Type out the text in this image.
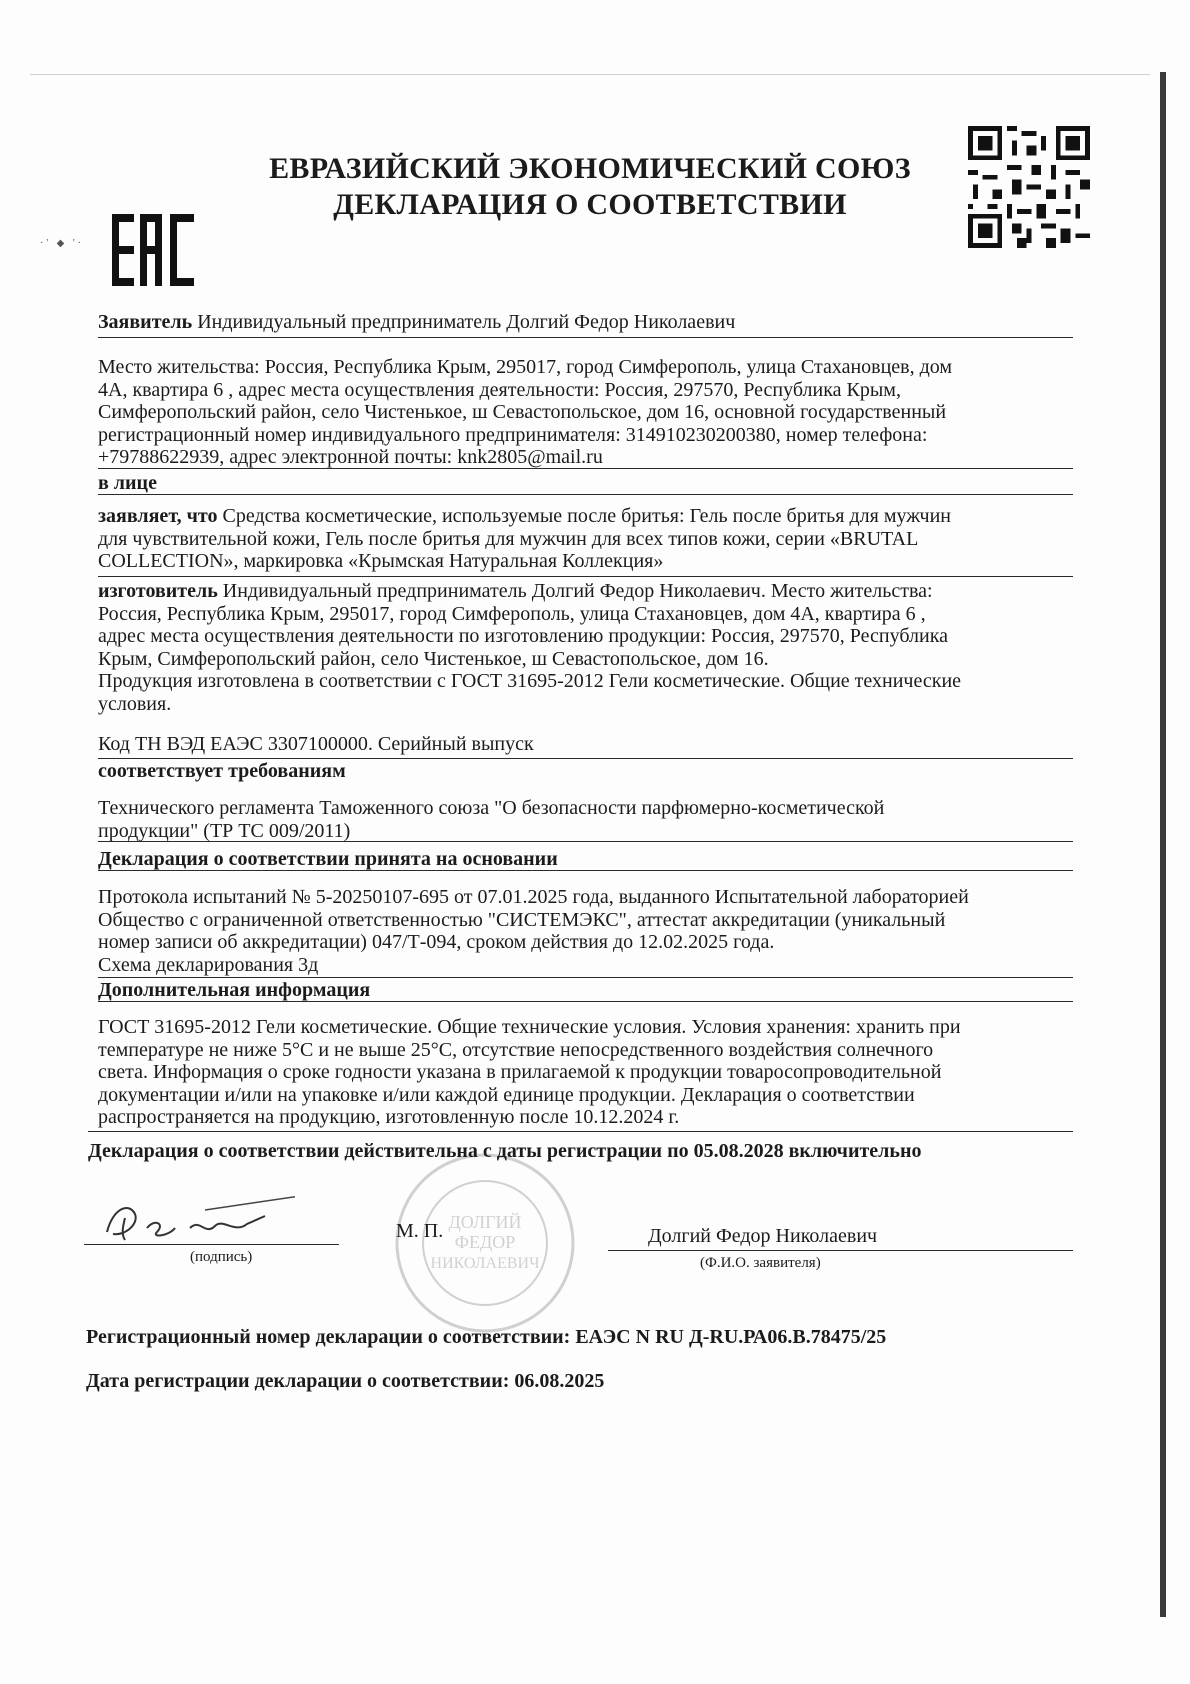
ЕВРАЗИЙСКИЙ ЭКОНОМИЧЕСКИЙ СОЮЗ
ДЕКЛАРАЦИЯ О СООТВЕТСТВИИ
·' ◆ '·
Заявитель Индивидуальный предприниматель Долгий Федор Николаевич
Место жительства: Россия, Республика Крым, 295017, город Симферополь, улица Стахановцев, дом
4А, квартира 6 , адрес места осуществления деятельности: Россия, 297570, Республика Крым,
Симферопольский район, село Чистенькое, ш Севастопольское, дом 16, основной государственный
регистрационный номер индивидуального предпринимателя: 314910230200380, номер телефона:
+79788622939, адрес электронной почты: knk2805@mail.ru
в лице
заявляет, что Средства косметические, используемые после бритья: Гель после бритья для мужчин
для чувствительной кожи, Гель после бритья для мужчин для всех типов кожи, серии «BRUTAL
COLLECTION», маркировка «Крымская Натуральная Коллекция»
изготовитель Индивидуальный предприниматель Долгий Федор Николаевич. Место жительства:
Россия, Республика Крым, 295017, город Симферополь, улица Стахановцев, дом 4А, квартира 6 ,
адрес места осуществления деятельности по изготовлению продукции: Россия, 297570, Республика
Крым, Симферопольский район, село Чистенькое, ш Севастопольское, дом 16.
Продукция изготовлена в соответствии с ГОСТ 31695-2012 Гели косметические. Общие технические
условия.
Код ТН ВЭД ЕАЭС 3307100000. Серийный выпуск
соответствует требованиям
Технического регламента Таможенного союза "О безопасности парфюмерно-косметической
продукции" (ТР ТС 009/2011)
Декларация о соответствии принята на основании
Протокола испытаний № 5-20250107-695 от 07.01.2025 года, выданного Испытательной лабораторией
Общество с ограниченной ответственностью "СИСТЕМЭКС", аттестат аккредитации (уникальный
номер записи об аккредитации) 047/Т-094, сроком действия до 12.02.2025 года.
Схема декларирования 3д
Дополнительная информация
ГОСТ 31695-2012 Гели косметические. Общие технические условия. Условия хранения: хранить при
температуре не ниже 5°С и не выше 25°С, отсутствие непосредственного воздействия солнечного
света. Информация о сроке годности указана в прилагаемой к продукции товаросопроводительной
документации и/или на упаковке и/или каждой единице продукции. Декларация о соответствии
распространяется на продукцию, изготовленную после 10.12.2024 г.
Декларация о соответствии действительна с даты регистрации по 05.08.2028 включительно
ДОЛГИЙ
ФЕДОР
НИКОЛАЕВИЧ
(подпись)
М. П.	Долгий Федор Николаевич
(Ф.И.О. заявителя)
Регистрационный номер декларации о соответствии: ЕАЭС N RU Д-RU.РА06.В.78475/25
Дата регистрации декларации о соответствии: 06.08.2025
